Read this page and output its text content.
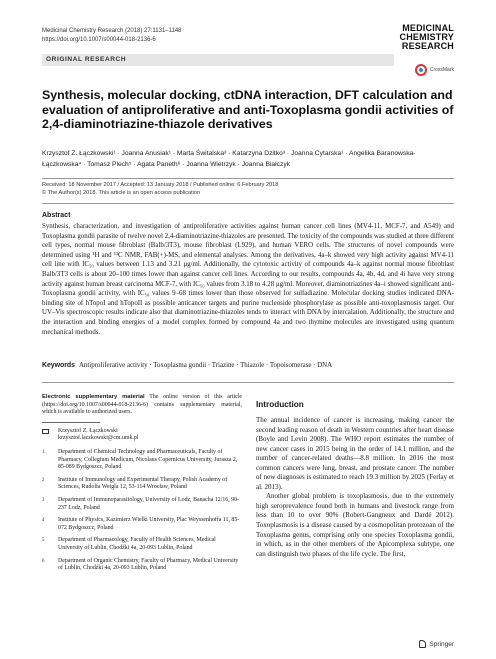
Medicinal Chemistry Research (2018) 27:1131–1148
https://doi.org/10.1007/s00044-018-2136-6
MEDICINAL
CHEMISTRY
RESEARCH
ORIGINAL RESEARCH
CrossMark
Synthesis, molecular docking, ctDNA interaction, DFT calculation and evaluation of antiproliferative and anti-Toxoplasma gondii activities of 2,4-diaminotriazine-thiazole derivatives
Krzysztof Z. Łączkowski¹ · Joanna Anusiak¹ · Marta Świtalska² · Katarzyna Dzitko³ · Joanna Cytarska¹ · Angelika Baranowska-Łączkowska⁴ · Tomasz Plech⁵ · Agata Paneth⁶ · Joanna Wietrzyk · Joanna Białczyk
Received: 18 November 2017 / Accepted: 13 January 2018 / Published online: 6 February 2018
© The Author(s) 2018. This article is an open access publication
Abstract
Synthesis, characterization, and investigation of antiproliferative activities against human cancer cell lines (MV4-11, MCF-7, and A549) and Toxoplasma gondii parasite of twelve novel 2,4-diaminotriazine-thiazoles are presented. The toxicity of the compounds was studied at three different cell types, normal mouse fibroblast (Balb/3T3), mouse fibroblast (L929), and human VERO cells. The structures of novel compounds were determined using ¹H and ¹³C NMR, FAB(+)-MS, and elemental analyses. Among the derivatives, 4a–k showed very high activity against MV4-11 cell line with IC₅₀ values between 1.13 and 3.21 μg/ml. Additionally, the cytotoxic activity of compounds 4a–k against normal mouse fibroblast Balb/3T3 cells is about 20–100 times lower than against cancer cell lines. According to our results, compounds 4a, 4b, 4d, and 4i have very strong activity against human breast carcinoma MCF-7, with IC₅₀ values from 3.18 to 4.28 μg/ml. Moreover, diaminotriazines 4a–i showed significant anti-Toxoplasma gondii activity, with IC₅₀ values 9–68 times lower than those observed for sulfadiazine. Molecular docking studies indicated DNA-binding site of hTopoI and hTopoII as possible anticancer targets and purine nucleoside phosphorylase as possible anti-toxoplasmosis target. Our UV–Vis spectroscopic results indicate also that diaminotriazine-thiazoles tends to interact with DNA by intercalation. Additionally, the structure and the interaction and binding energies of a model complex formed by compound 4a and two thymine molecules are investigated using quantum mechanical methods.
Keywords Antiproliferative activity · Toxoplasma gondii · Triazine · Thiazole · Topoisomerase · DNA
Electronic supplementary material The online version of this article (https://doi.org/10.1007/s00044-018-2136-6) contains supplementary material, which is available to authorized users.
Krzysztof Z. Łączkowski
krzysztof.laczkowski@cm.umk.pl
1	Department of Chemical Technology and Pharmaceuticals, Faculty of Pharmacy, Collegium Medicum, Nicolaus Copernicus University, Jurasza 2, 85-089 Bydgoszcz, Poland
2	Institute of Immunology and Experimental Therapy, Polish Academy of Sciences, Rudolfa Weigla 12, 53-114 Wrocław, Poland
3	Department of Immunoparasitology, University of Lodz, Banacha 12/16, 90-237 Lodz, Poland
4	Institute of Physics, Kazimierz Wielki University, Plac Weyssenhoffa 11, 85-072 Bydgoszcz, Poland
5	Department of Pharmacology, Faculty of Health Sciences, Medical University of Lublin, Chodźki 4a, 20-093 Lublin, Poland
6	Department of Organic Chemistry, Faculty of Pharmacy, Medical University of Lublin, Chodźki 4a, 20-093 Lublin, Poland
Introduction

The annual incidence of cancer is increasing, making cancer the second leading reason of death in Western countries after heart disease (Boyle and Levin 2008). The WHO report estimates the number of new cancer cases in 2015 being in the order of 14.1 million, and the number of cancer-related deaths—8.8 million. In 2016 the most common cancers were lung, breast, and prostate cancer. The number of new diagnoses is estimated to reach 19.3 million by 2025 (Ferlay et al. 2013).

Another global problem is toxoplasmosis, due to the extremely high seroprevalence found both in humans and livestock range from less than 10 to over 90% (Robert-Gangneux and Dardé 2012). Toxoplasmosis is a disease caused by a cosmopolitan protozoan of the Toxoplasma genus, comprising only one species Toxoplasma gondii, in which, as in the other members of the Apicomplexa subtype, one can distinguish two phases of the life cycle. The first,

Springer
